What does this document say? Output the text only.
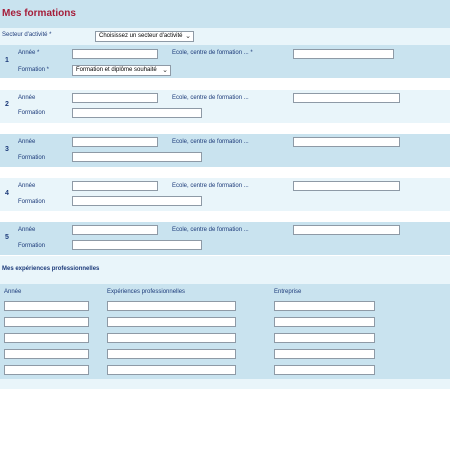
Mes formations
Secteur d'activité *	Choisissez un secteur d'activité ⌄
1
Année *	Ecole, centre de formation ... *
Formation *	Formation et diplôme souhaité ⌄
2
Année	Ecole, centre de formation ...
Formation
3
Année	Ecole, centre de formation ...
Formation
4
Année	Ecole, centre de formation ...
Formation
5
Année	Ecole, centre de formation ...
Formation
Mes expériences professionnelles
Année	Expériences professionnelles	Entreprise
